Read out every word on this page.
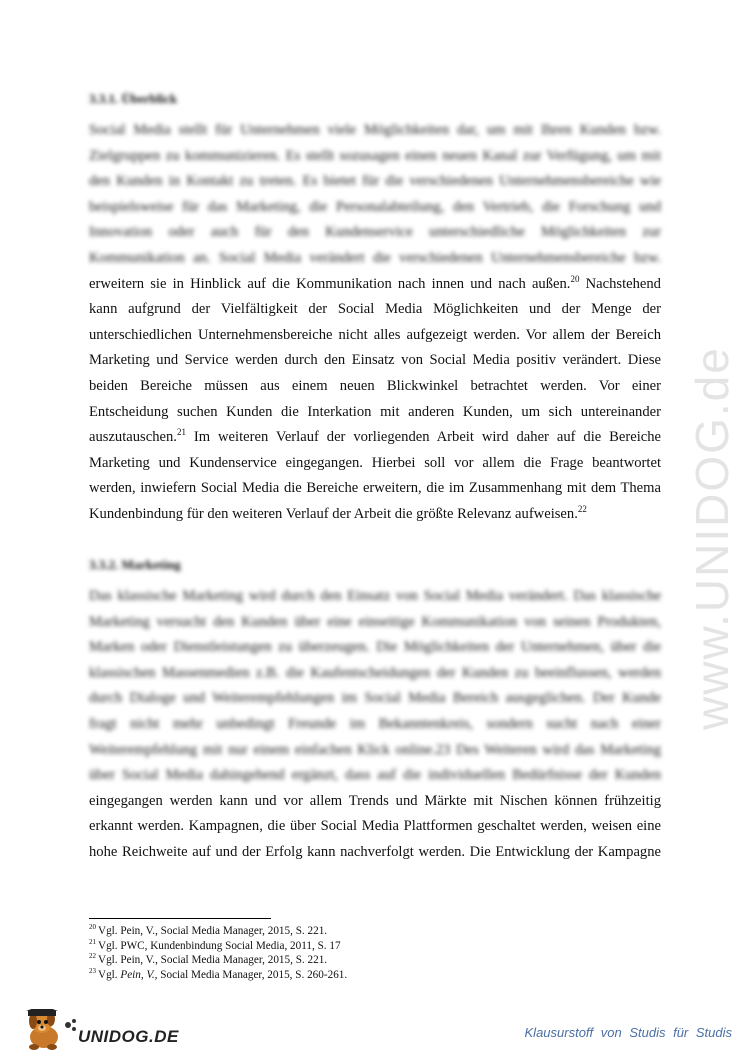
www.UNIDOG.de
3.3.1. Überblick
Social Media stellt für Unternehmen viele Möglichkeiten dar, um mit Ihren Kunden bzw.
Zielgruppen zu kommunizieren. Es stellt sozusagen einen neuen Kanal zur Verfügung, um mit
den Kunden in Kontakt zu treten. Es bietet für die verschiedenen Unternehmensbereiche wie
beispielsweise für das Marketing, die Personalabteilung, den Vertrieb, die Forschung und
Innovation oder auch für den Kundenservice unterschiedliche Möglichkeiten zur
Kommunikation an. Social Media verändert die verschiedenen Unternehmensbereiche bzw.
erweitern sie in Hinblick auf die Kommunikation nach innen und nach außen.$^{20}$ Nachstehend
kann aufgrund der Vielfältigkeit der Social Media Möglichkeiten und der Menge der
unterschiedlichen Unternehmensbereiche nicht alles aufgezeigt werden. Vor allem der Bereich
Marketing und Service werden durch den Einsatz von Social Media positiv verändert. Diese
beiden Bereiche müssen aus einem neuen Blickwinkel betrachtet werden. Vor einer
Entscheidung suchen Kunden die Interkation mit anderen Kunden, um sich untereinander
auszutauschen.$^{21}$ Im weiteren Verlauf der vorliegenden Arbeit wird daher auf die Bereiche
Marketing und Kundenservice eingegangen. Hierbei soll vor allem die Frage beantwortet
werden, inwiefern Social Media die Bereiche erweitern, die im Zusammenhang mit dem Thema
Kundenbindung für den weiteren Verlauf der Arbeit die größte Relevanz aufweisen.$^{22}$
3.3.2. Marketing
Das klassische Marketing wird durch den Einsatz von Social Media verändert. Das klassische
Marketing versucht den Kunden über eine einseitige Kommunikation von seinen Produkten,
Marken oder Dienstleistungen zu überzeugen. Die Möglichkeiten der Unternehmen, über die
klassischen Massenmedien z.B. die Kaufentscheidungen der Kunden zu beeinflussen, werden
durch Dialoge und Weiterempfehlungen im Social Media Bereich ausgeglichen. Der Kunde
fragt nicht mehr unbedingt Freunde im Bekanntenkreis, sondern sucht nach einer
Weiterempfehlung mit nur einem einfachen Klick online.23 Des Weiteren wird das Marketing
über Social Media dahingehend ergänzt, dass auf die individuellen Bedürfnisse der Kunden
eingegangen werden kann und vor allem Trends und Märkte mit Nischen können frühzeitig
erkannt werden. Kampagnen, die über Social Media Plattformen geschaltet werden, weisen eine
hohe Reichweite auf und der Erfolg kann nachverfolgt werden. Die Entwicklung der Kampagne
$^{20}$ Vgl. Pein, V., Social Media Manager, 2015, S. 221.
$^{21}$ Vgl. PWC, Kundenbindung Social Media, 2011, S. 17
$^{22}$ Vgl. Pein, V., Social Media Manager, 2015, S. 221.
$^{23}$ Vgl. Pein, V., Social Media Manager, 2015, S. 260-261.
UNIDOG.DE	Klausurstoff von Studis für Studis
